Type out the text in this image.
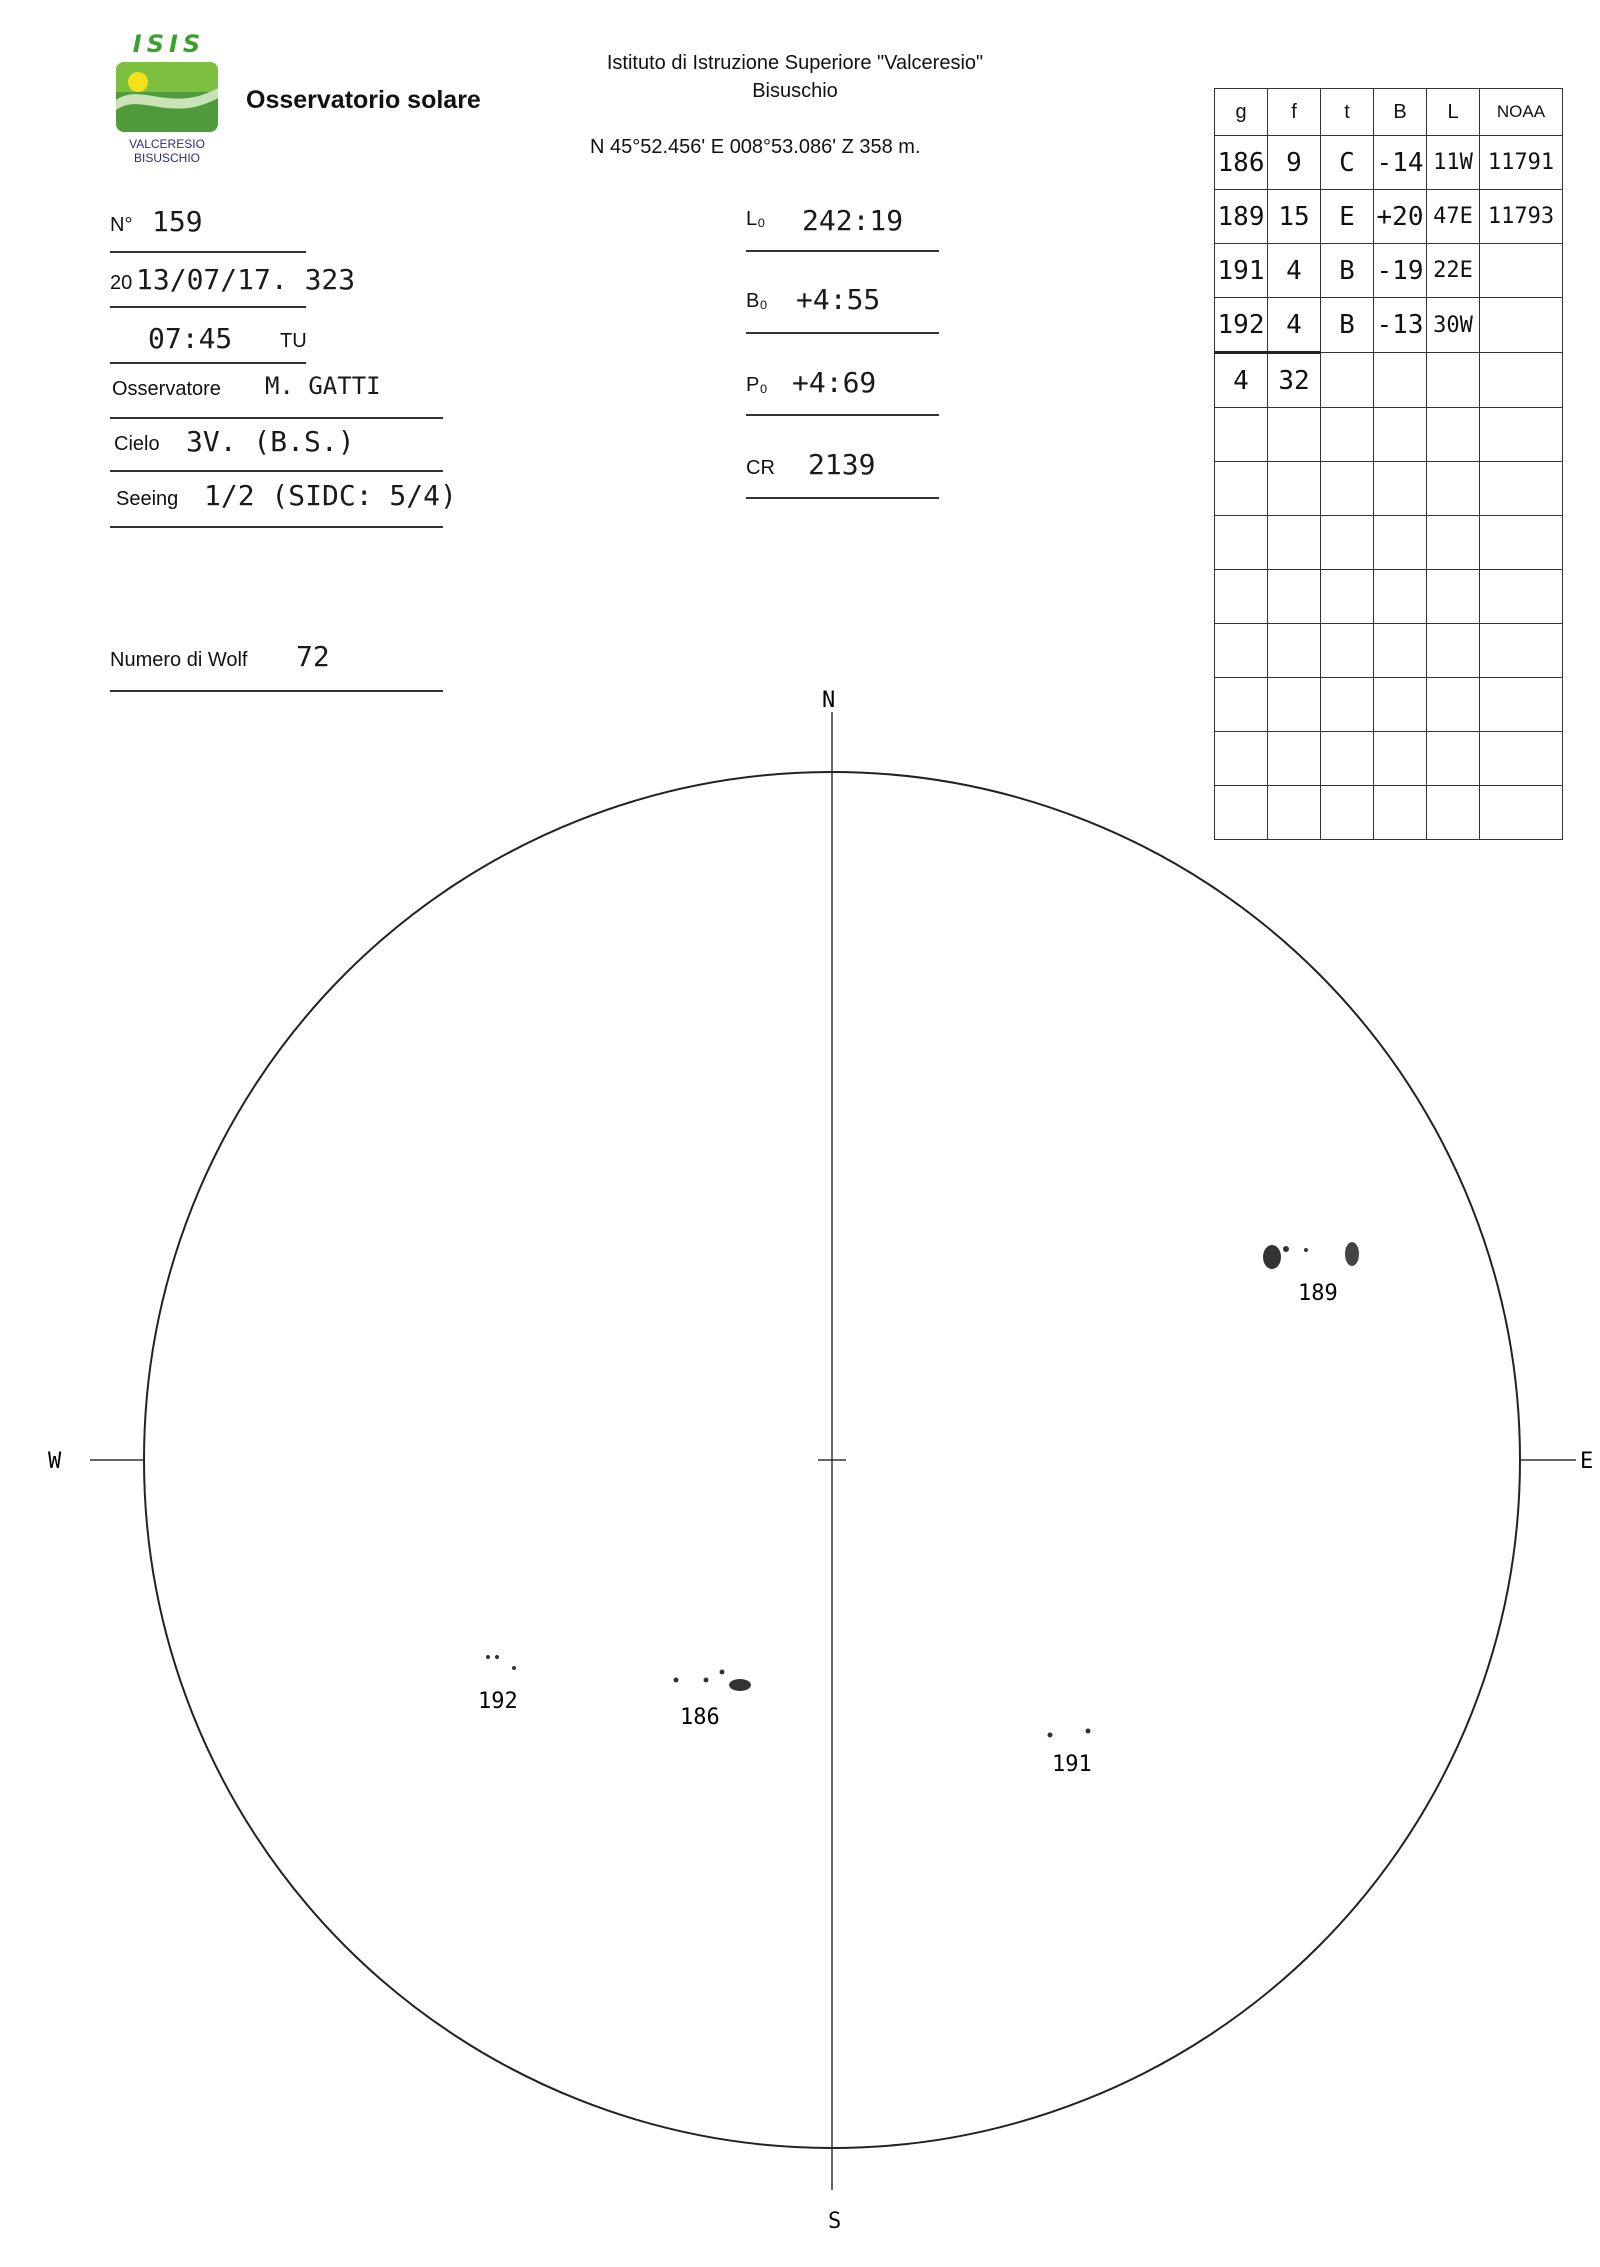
ISIS
VALCERESIO
BISUSCHIO
Osservatorio solare
Istituto di Istruzione Superiore "Valceresio"
Bisuschio
N 45°52.456' E 008°53.086' Z 358 m.
N° 159
20 13/07/17. 323
07:45 TU
Osservatore M. GATTI
Cielo 3V. (B.S.)
Seeing 1/2 (SIDC: 5/4)
Numero di Wolf 72
L₀ 242:19
B₀ +4:55
P₀ +4:69
CR 2139
g	f	t	B	L	NOAA
186	9	C	-14	11W	11791
189	15	E	+20	47E	11793
191	4	B	-19	22E	
192	4	B	-13	30W	
4	32				

N
S
E
W
189
192
186
191
